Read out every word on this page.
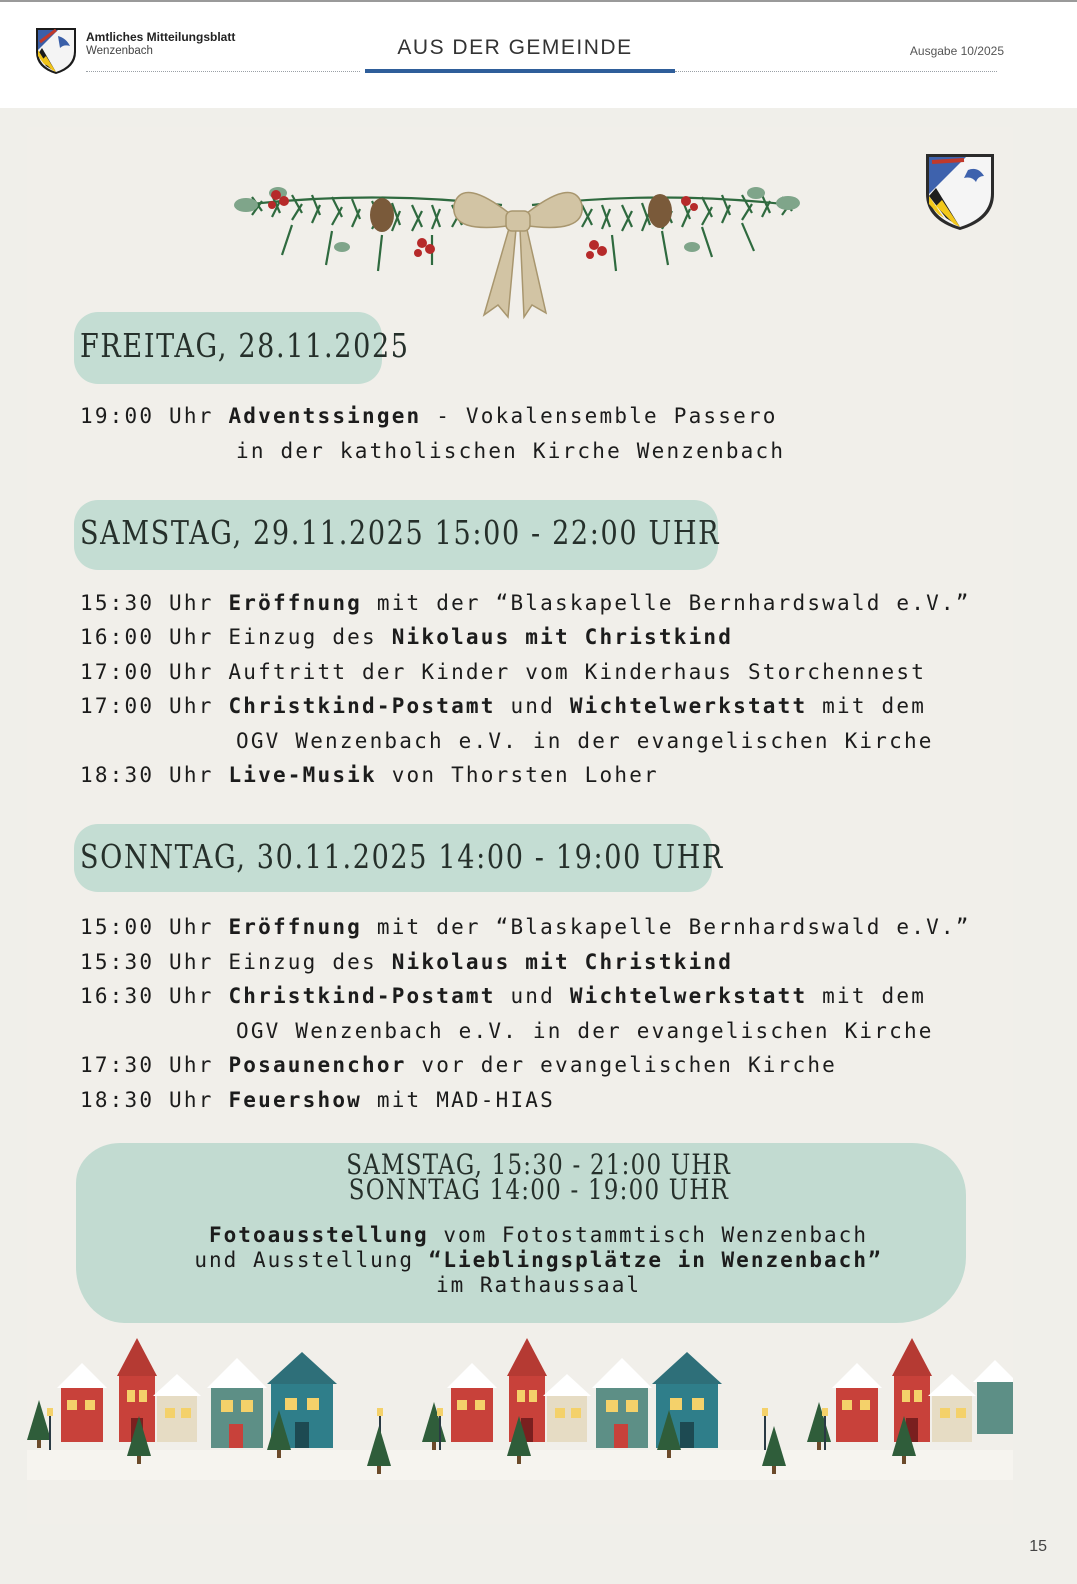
Amtliches Mitteilungsblatt
Wenzenbach	AUS DER GEMEINDE	Ausgabe 10/2025
FREITAG, 28.11.2025
19:00 Uhr Adventssingen - Vokalensemble Passero
in der katholischen Kirche Wenzenbach
SAMSTAG, 29.11.2025 15:00 - 22:00 UHR
15:30 Uhr Eröffnung mit der “Blaskapelle Bernhardswald e.V.”
16:00 Uhr Einzug des Nikolaus mit Christkind
17:00 Uhr Auftritt der Kinder vom Kinderhaus Storchennest
17:00 Uhr Christkind-Postamt und Wichtelwerkstatt mit dem
OGV Wenzenbach e.V. in der evangelischen Kirche
18:30 Uhr Live-Musik von Thorsten Loher
SONNTAG, 30.11.2025 14:00 - 19:00 UHR
15:00 Uhr Eröffnung mit der “Blaskapelle Bernhardswald e.V.”
15:30 Uhr Einzug des Nikolaus mit Christkind
16:30 Uhr Christkind-Postamt und Wichtelwerkstatt mit dem
OGV Wenzenbach e.V. in der evangelischen Kirche
17:30 Uhr Posaunenchor vor der evangelischen Kirche
18:30 Uhr Feuershow mit MAD-HIAS
SAMSTAG, 15:30 - 21:00 UHR
SONNTAG 14:00 - 19:00 UHR
Fotoausstellung vom Fotostammtisch Wenzenbach
und Ausstellung “Lieblingsplätze in Wenzenbach”
im Rathaussaal
15
